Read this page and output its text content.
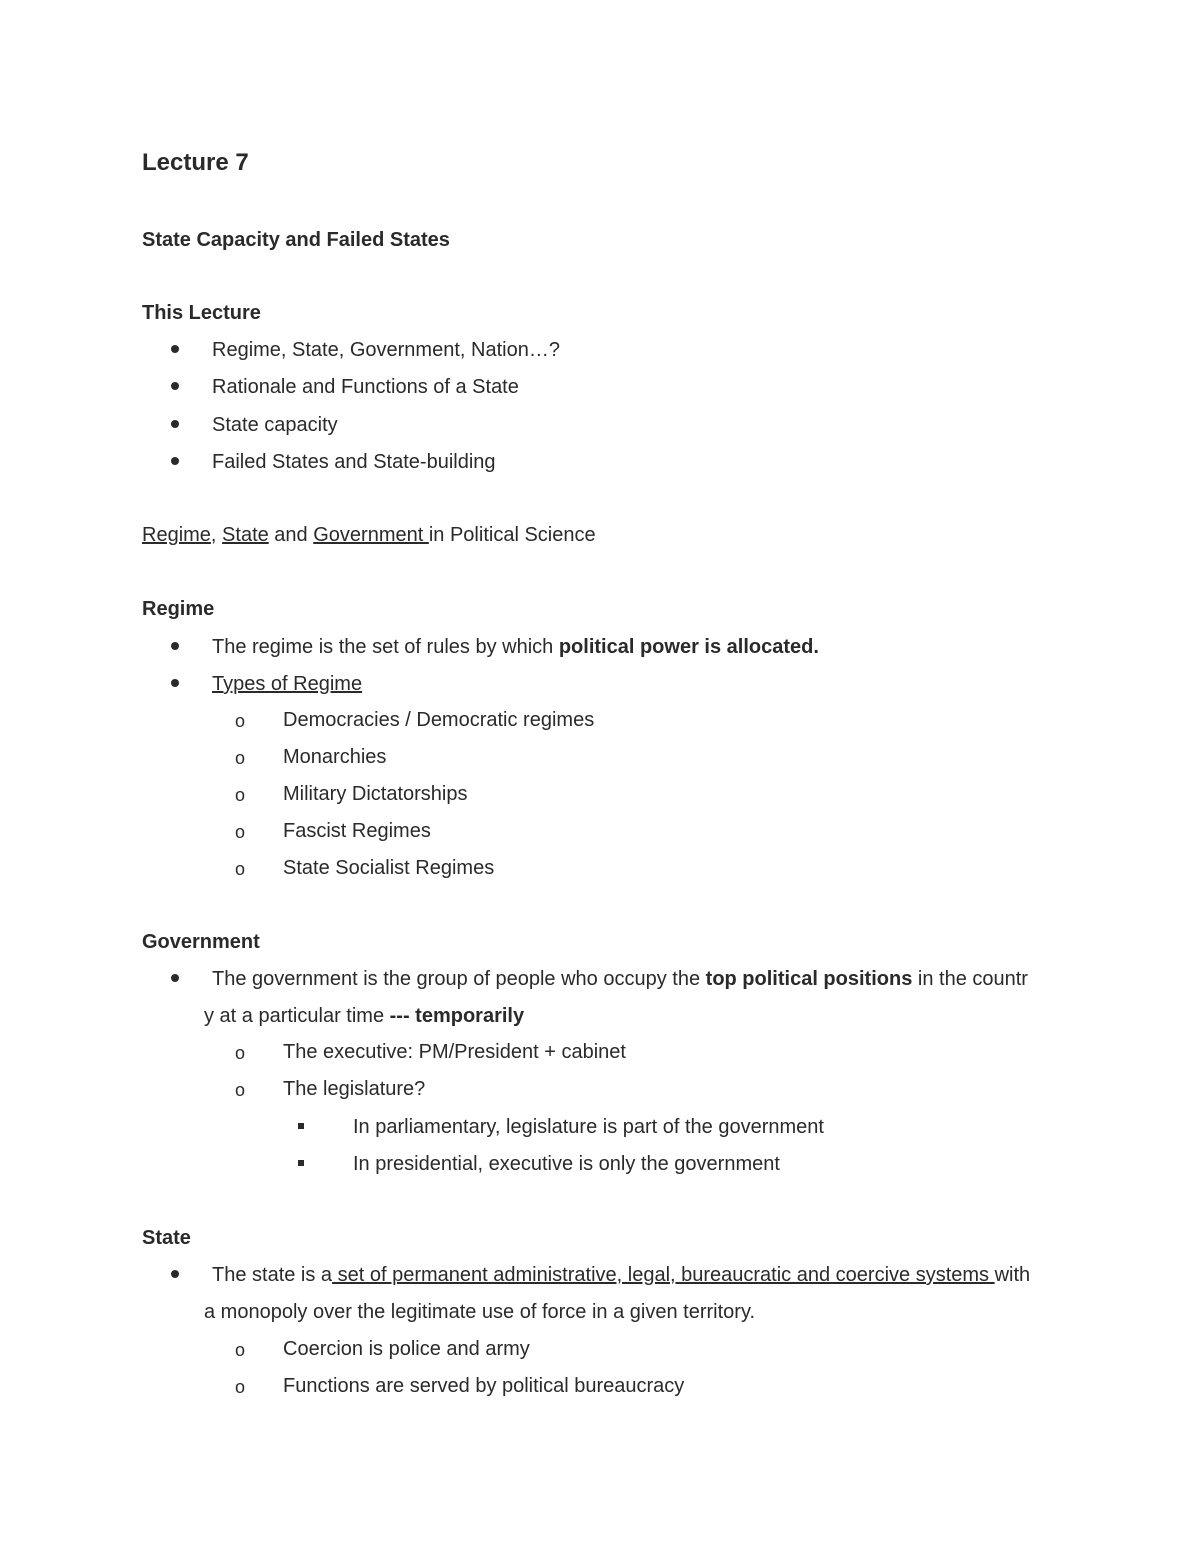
Lecture 7
State Capacity and Failed States
This Lecture
Regime, State, Government, Nation…?
Rationale and Functions of a State
State capacity
Failed States and State-building
Regime, State and Government in Political Science
Regime
The regime is the set of rules by which political power is allocated.
Types of Regime
o Democracies / Democratic regimes
o Monarchies
o Military Dictatorships
o Fascist Regimes
o State Socialist Regimes
Government
The government is the group of people who occupy the top political positions in the countr
y at a particular time --- temporarily
o The executive: PM/President + cabinet
o The legislature?
In parliamentary, legislature is part of the government
In presidential, executive is only the government
State
The state is a set of permanent administrative, legal, bureaucratic and coercive systems with
a monopoly over the legitimate use of force in a given territory.
o Coercion is police and army
o Functions are served by political bureaucracy
